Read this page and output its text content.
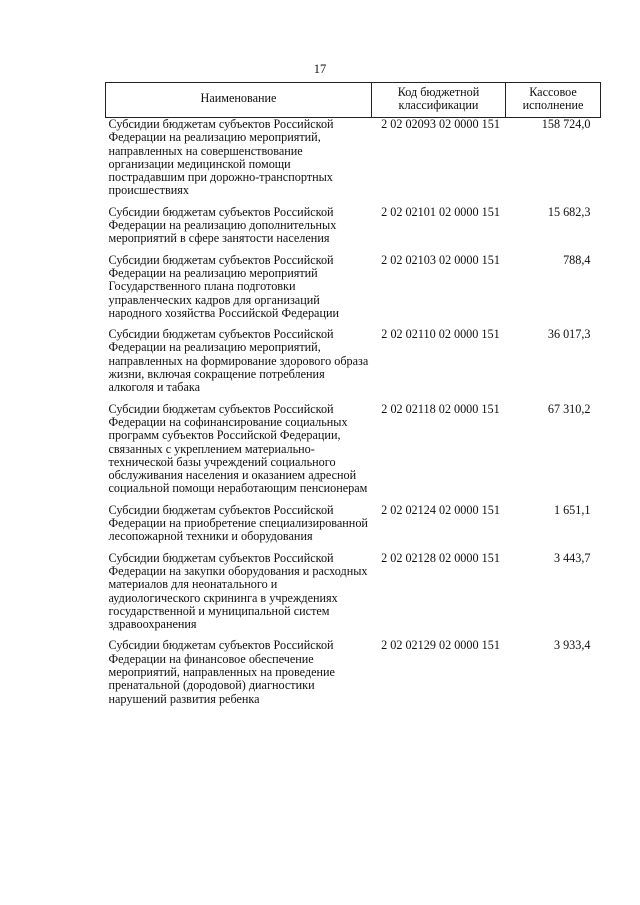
17
Наименование	Код бюджетной классификации	Кассовое исполнение
Субсидии бюджетам субъектов Российской Федерации на реализацию мероприятий, направленных на совершенствование организации медицинской помощи пострадавшим при дорожно-транспортных происшествиях	2 02 02093 02 0000 151	158 724,0
Субсидии бюджетам субъектов Российской Федерации на реализацию дополнительных мероприятий в сфере занятости населения	2 02 02101 02 0000 151	15 682,3
Субсидии бюджетам субъектов Российской Федерации на реализацию мероприятий Государственного плана подготовки управленческих кадров для организаций народного хозяйства Российской Федерации	2 02 02103 02 0000 151	788,4
Субсидии бюджетам субъектов Российской Федерации на реализацию мероприятий, направленных на формирование здорового образа жизни, включая сокращение потребления алкоголя и табака	2 02 02110 02 0000 151	36 017,3
Субсидии бюджетам субъектов Российской Федерации на софинансирование социальных программ субъектов Российской Федерации, связанных с укреплением материально-технической базы учреждений социального обслуживания населения и оказанием адресной социальной помощи неработающим пенсионерам	2 02 02118 02 0000 151	67 310,2
Субсидии бюджетам субъектов Российской Федерации на приобретение специализированной лесопожарной техники и оборудования	2 02 02124 02 0000 151	1 651,1
Субсидии бюджетам субъектов Российской Федерации на закупки оборудования и расходных материалов для неонатального и аудиологического скрининга в учреждениях государственной и муниципальной систем здравоохранения	2 02 02128 02 0000 151	3 443,7
Субсидии бюджетам субъектов Российской Федерации на финансовое обеспечение мероприятий, направленных на проведение пренатальной (дородовой) диагностики нарушений развития ребенка	2 02 02129 02 0000 151	3 933,4
